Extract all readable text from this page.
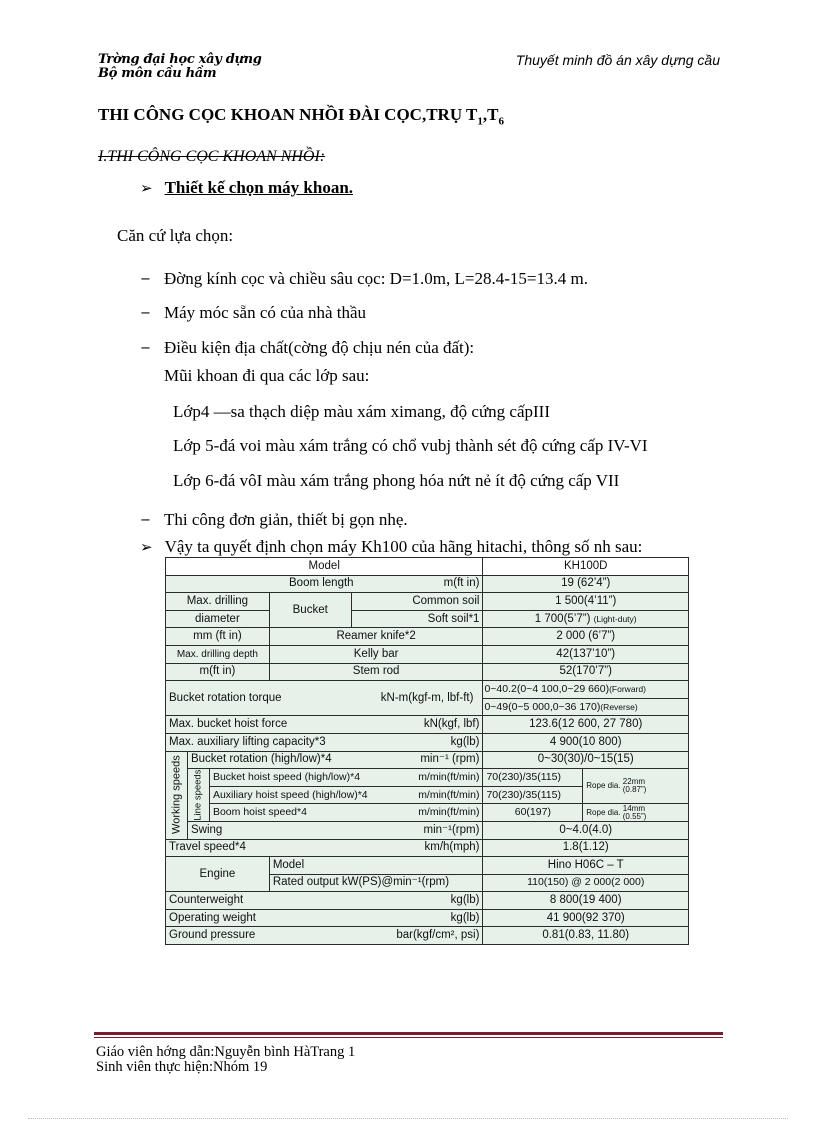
Trờng đại học xây dựng
Bộ môn cầu hầm
Thuyết minh đồ án xây dựng cầu
THI CÔNG CỌC KHOAN NHỒI ĐÀI CỌC,TRỤ $T_1,T_6$
I.THI CÔNG CỌC KHOAN NHỒI:
➢ Thiết kế chọn máy khoan.
Căn cứ lựa chọn:
− Đờng kính cọc và chiều sâu cọc: D=1.0m, L=28.4-15=13.4 m.
− Máy móc sẵn có của nhà thầu
− Điều kiện địa chất(cờng độ chịu nén của đất):
Mũi khoan đi qua các lớp sau:
Lớp4 —sa thạch diệp màu xám ximang, độ cứng cấpIII
Lớp 5-đá voi màu xám trắng có chổ vubj thành sét độ cứng cấp IV-VI
Lớp 6-đá vôI màu xám trắng phong hóa nứt nẻ ít độ cứng cấp VII
− Thi công đơn giản, thiết bị gọn nhẹ.
➢ Vậy ta quyết định chọn máy Kh100 của hãng hitachi, thông số nh sau:
Model					KH100D	
Boom length m(ft in)					19 (62’4”)	
Max. drilling			Bucket	Common soil	1 500(4’11”)	
diameter				Soft soil*1	1 700(5’7”) (Light-duty)	
mm (ft in)			Reamer knife*2		2 000 (6’7”)	
Max. drilling depth			Kelly bar		42(137’10”)	
m(ft in)			Stem rod		52(170’7”)	
Bucket rotation torque kN-m(kgf-m, lbf-ft)					0~40.2(0~4 100,0~29 660)(Forward)	
					0~49(0~5 000,0~36 170)(Reverse)	
Max. bucket hoist force kN(kgf, lbf)					123.6(12 600, 27 780)	
Max. auxiliary lifting capacity*3 kg(lb)					4 900(10 800)	
Working speeds	Bucket rotation (high/low)*4 min⁻¹ (rpm)				0~30(30)/0~15(15)	
	Line speeds	Bucket hoist speed (high/low)*4 m/min(ft/min)			70(230)/35(115)	Rope dia. 22mm
(0.87”)
		Auxiliary hoist speed (high/low)*4 m/min(ft/min)			70(230)/35(115)	
		Boom hoist speed*4 m/min(ft/min)			60(197)	Rope dia. 14mm
(0.55”)
	Swing min⁻¹(rpm)				0~4.0(4.0)	
Travel speed*4 km/h(mph)					1.8(1.12)	
Engine			Model		Hino H06C – T	
			Rated output kW(PS)@min⁻¹(rpm)		110(150) @ 2 000(2 000)	
Counterweight kg(lb)					8 800(19 400)	
Operating weight kg(lb)					41 900(92 370)	
Ground pressure bar(kgf/cm², psi)					0.81(0.83, 11.80)	
Giáo viên hớng dẫn:Nguyễn bình HàTrang 1
Sinh viên thực hiện:Nhóm 19
